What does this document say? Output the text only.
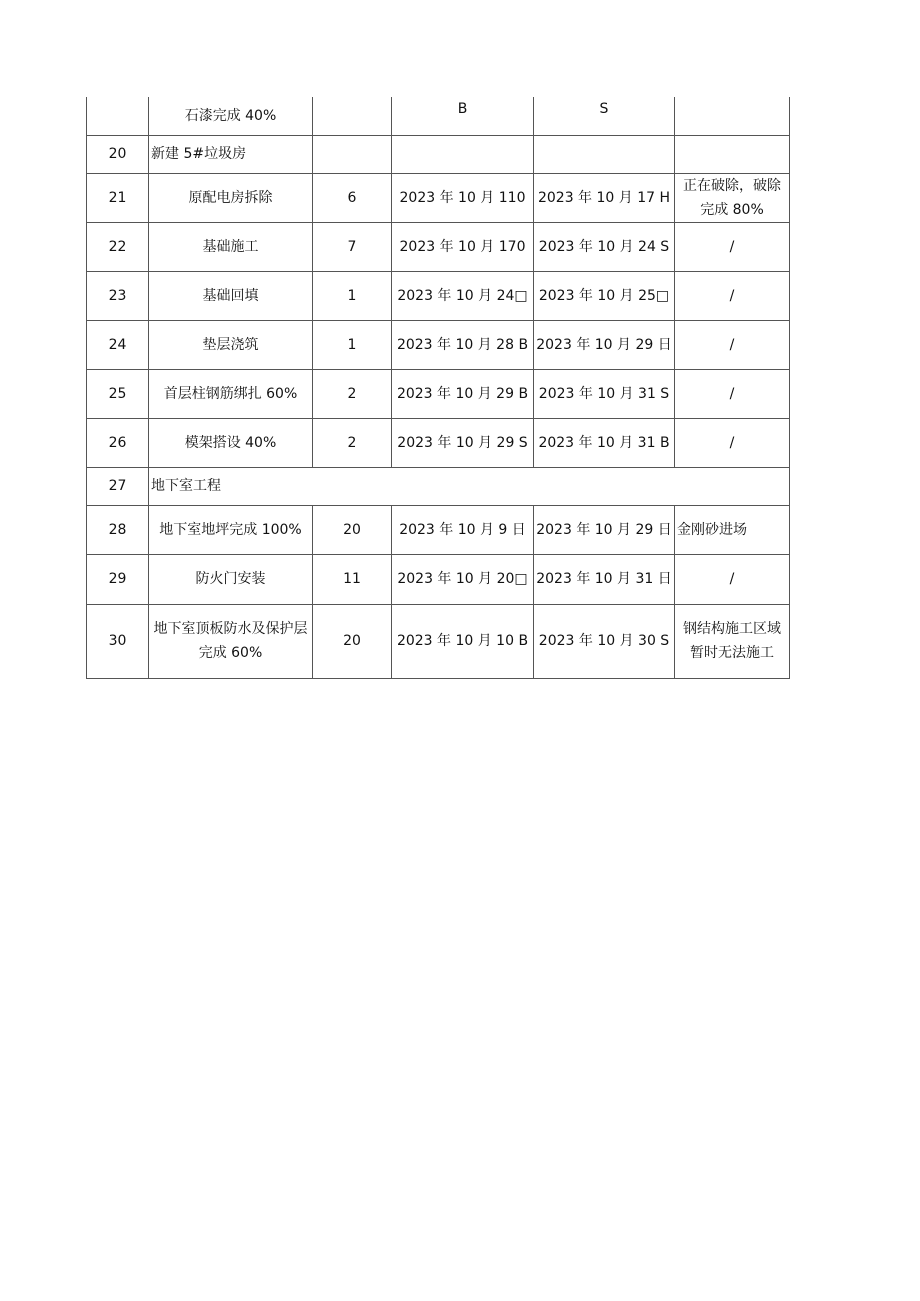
	石漆完成 40%		B	S	
20	新建 5#垃圾房				
21	原配电房拆除	6	2023 年 10 月 110	2023 年 10 月 17 H	正在破除，破除完成 80%
22	基础施工	7	2023 年 10 月 170	2023 年 10 月 24 S	/
23	基础回填	1	2023 年 10 月 24□	2023 年 10 月 25□	/
24	垫层浇筑	1	2023 年 10 月 28 B	2023 年 10 月 29 日	/
25	首层柱钢筋绑扎 60%	2	2023 年 10 月 29 B	2023 年 10 月 31 S	/
26	模架搭设 40%	2	2023 年 10 月 29 S	2023 年 10 月 31 B	/
27	地下室工程				
28	地下室地坪完成 100%	20	2023 年 10 月 9 日	2023 年 10 月 29 日	金刚砂进场
29	防火门安装	11	2023 年 10 月 20□	2023 年 10 月 31 日	/
30	地下室顶板防水及保护层完成 60%	20	2023 年 10 月 10 B	2023 年 10 月 30 S	钢结构施工区域暂时无法施工
